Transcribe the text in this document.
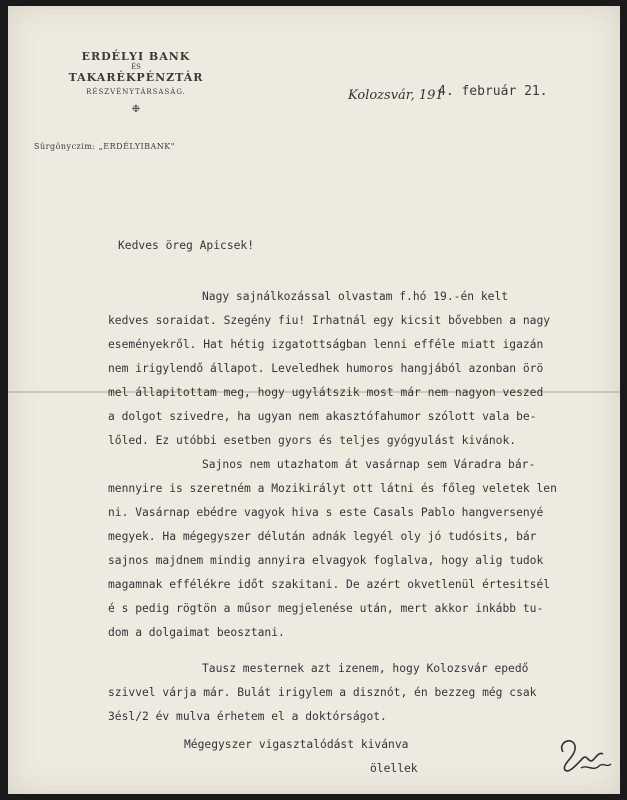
ERDÉLYI BANK
ÉS
TAKARÉKPÉNZTÁR
RÉSZVÉNYTÁRSASÁG.
❉
Sürgönyczim: „ERDÉLYIBANK"
Kolozsvár, 191
4. február 21.
Kedves öreg Apicsek!
Nagy sajnálkozással olvastam f.hó 19.-én kelt
kedves soraidat. Szegény fiu! Irhatnál egy kicsit bővebben a nagy
eseményekről. Hat hétig izgatottságban lenni efféle miatt igazán
nem irigylendő állapot. Leveledhek humoros hangjából azonban örö
mel állapitottam meg, hogy ugylátszik most már nem nagyon veszed
a dolgot szivedre, ha ugyan nem akasztófahumor szólott vala be-
lőled. Ez utóbbi esetben gyors és teljes gyógyulást kivánok.
Sajnos nem utazhatom át vasárnap sem Váradra bár-
mennyire is szeretném a Mozikirályt ott látni és főleg veletek len
ni. Vasárnap ebédre vagyok hiva s este Casals Pablo hangversenyé
megyek. Ha mégegyszer délután adnák legyél oly jó tudósits, bár
sajnos majdnem mindig annyira elvagyok foglalva, hogy alig tudok
magamnak effélékre időt szakitani. De azért okvetlenül értesitsél
é s pedig rögtön a műsor megjelenése után, mert akkor inkább tu-
dom a dolgaimat beosztani.
Tausz mesternek azt izenem, hogy Kolozsvár epedő
szivvel várja már. Bulát irigylem a disznót, én bezzeg még csak
3ésl/2 év mulva érhetem el a doktórságot.
Mégegyszer vigasztalódást kivánva
ölellek
